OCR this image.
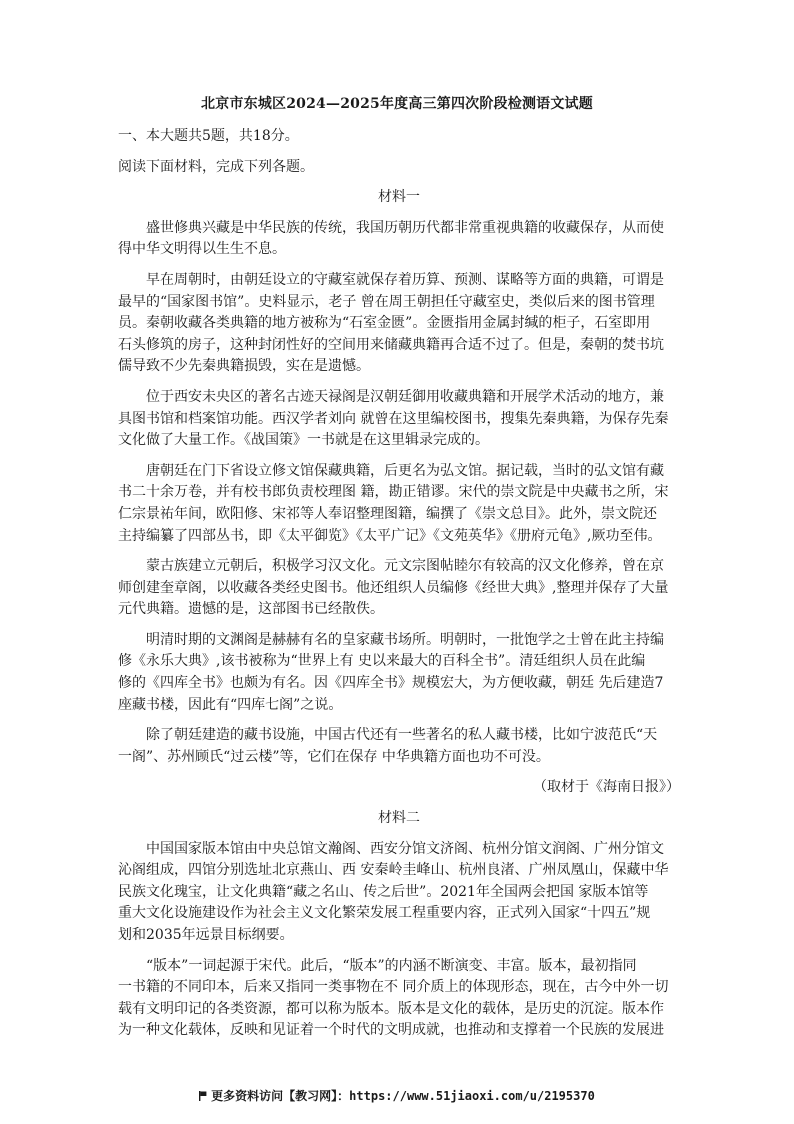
北京市东城区2024—2025年度高三第四次阶段检测语文试题
一、本大题共5题，共18分。
阅读下面材料，完成下列各题。
材料一
盛世修典兴藏是中华民族的传统，我国历朝历代都非常重视典籍的收藏保存，从而使
得中华文明得以生生不息。
早在周朝时，由朝廷设立的守藏室就保存着历算、预测、谋略等方面的典籍，可谓是
最早的“国家图书馆”。史料显示，老子 曾在周王朝担任守藏室史，类似后来的图书管理
员。秦朝收藏各类典籍的地方被称为“石室金匮”。金匮指用金属封缄的柜子，石室即用
石头修筑的房子，这种封闭性好的空间用来储藏典籍再合适不过了。但是，秦朝的焚书坑
儒导致不少先秦典籍损毁，实在是遗憾。
位于西安未央区的著名古迹天禄阁是汉朝廷御用收藏典籍和开展学术活动的地方，兼
具图书馆和档案馆功能。西汉学者刘向 就曾在这里编校图书，搜集先秦典籍，为保存先秦
文化做了大量工作。《战国策》一书就是在这里辑录完成的。
唐朝廷在门下省设立修文馆保藏典籍，后更名为弘文馆。据记载，当时的弘文馆有藏
书二十余万卷，并有校书郎负责校理图 籍，勘正错谬。宋代的崇文院是中央藏书之所，宋
仁宗景祐年间，欧阳修、宋祁等人奉诏整理图籍，编撰了《崇文总目》。此外，崇文院还
主持编纂了四部丛书，即《太平御览》《太平广记》《文苑英华》《册府元龟》,厥功至伟。
蒙古族建立元朝后，积极学习汉文化。元文宗图帖睦尔有较高的汉文化修养，曾在京
师创建奎章阁，以收藏各类经史图书。他还组织人员编修《经世大典》,整理并保存了大量
元代典籍。遗憾的是，这部图书已经散佚。
明清时期的文渊阁是赫赫有名的皇家藏书场所。明朝时，一批饱学之士曾在此主持编
修《永乐大典》,该书被称为“世界上有 史以来最大的百科全书”。清廷组织人员在此编
修的《四库全书》也颇为有名。因《四库全书》规模宏大，为方便收藏，朝廷 先后建造7
座藏书楼，因此有“四库七阁”之说。
除了朝廷建造的藏书设施，中国古代还有一些著名的私人藏书楼，比如宁波范氏“天
一阁”、苏州顾氏“过云楼”等，它们在保存 中华典籍方面也功不可没。
（取材于《海南日报》）
材料二
中国国家版本馆由中央总馆文瀚阁、西安分馆文济阁、杭州分馆文润阁、广州分馆文
沁阁组成，四馆分别选址北京燕山、西 安秦岭圭峰山、杭州良渚、广州凤凰山，保藏中华
民族文化瑰宝，让文化典籍“藏之名山、传之后世”。2021年全国两会把国 家版本馆等
重大文化设施建设作为社会主义文化繁荣发展工程重要内容，正式列入国家“十四五”规
划和2035年远景目标纲要。
“版本”一词起源于宋代。此后，“版本”的内涵不断演变、丰富。版本，最初指同
一书籍的不同印本，后来又指同一类事物在不 同介质上的体现形态，现在，古今中外一切
载有文明印记的各类资源，都可以称为版本。版本是文化的载体，是历史的沉淀。版本作
为一种文化载体，反映和见证着一个时代的文明成就，也推动和支撑着一个民族的发展进
更多资料访问【教习网】：https://www.51jiaoxi.com/u/2195370
